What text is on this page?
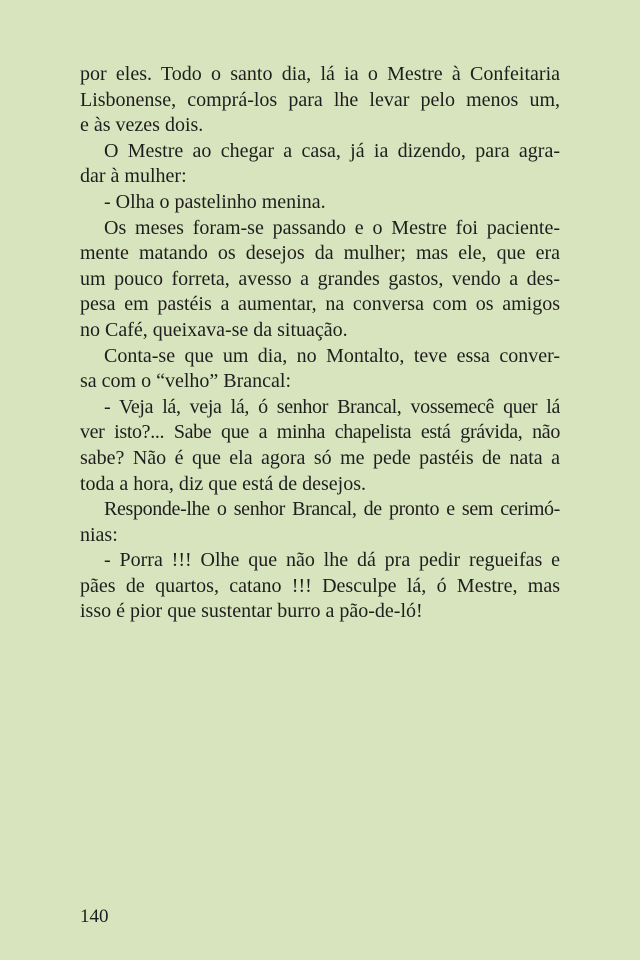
por eles. Todo o santo dia, lá ia o Mestre à Confeitaria
Lisbonense, comprá-los para lhe levar pelo menos um,
e às vezes dois.
O Mestre ao chegar a casa, já ia dizendo, para agra-
dar à mulher:
- Olha o pastelinho menina.
Os meses foram-se passando e o Mestre foi paciente-
mente matando os desejos da mulher; mas ele, que era
um pouco forreta, avesso a grandes gastos, vendo a des-
pesa em pastéis a aumentar, na conversa com os amigos
no Café, queixava-se da situação.
Conta-se que um dia, no Montalto, teve essa conver-
sa com o “velho” Brancal:
- Veja lá, veja lá, ó senhor Brancal, vossemecê quer lá
ver isto?... Sabe que a minha chapelista está grávida, não
sabe? Não é que ela agora só me pede pastéis de nata a
toda a hora, diz que está de desejos.
Responde-lhe o senhor Brancal, de pronto e sem cerimó-
nias:
- Porra !!! Olhe que não lhe dá pra pedir regueifas e
pães de quartos, catano !!! Desculpe lá, ó Mestre, mas
isso é pior que sustentar burro a pão-de-ló!
140
